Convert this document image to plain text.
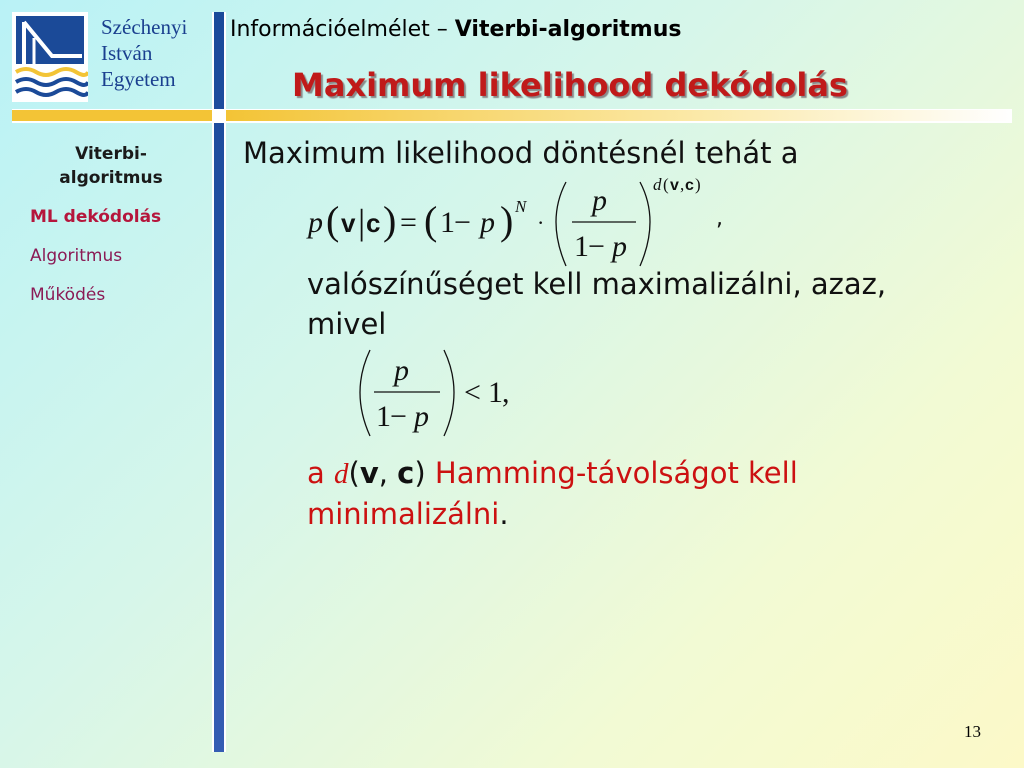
Széchenyi
István
Egyetem
Információelmélet – Viterbi-algoritmus
Maximum likelihood dekódolás
Viterbi-
algoritmus
ML dekódolás
Algoritmus
Működés
Maximum likelihood döntésnél tehát a
p ( v | c ) = ( 1 − p ) N
·
p
1 − p
d ( v , c )
,
valószínűséget kell maximalizálni, azaz,
mivel
p
1 − p
< 1 ,
a d(v, c) Hamming-távolságot kell
minimalizálni.
13
